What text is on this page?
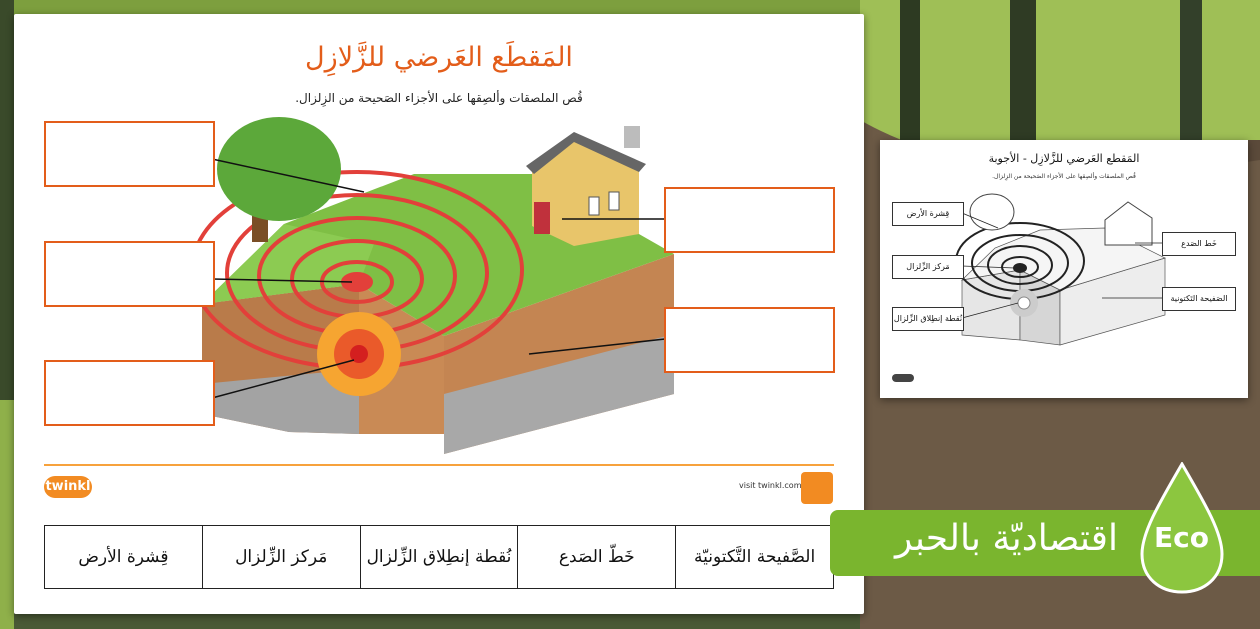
المَقطَع العَرضي للزَّلازِل
قُص الملصقات وألصِقها على الأجزاء الصَحيحة من الزِلزال.
twinkl	visit twinkl.com
قِشرة الأرض	مَركز الزِّلزال	نُقطة إنطِلاق الزِّلزال	خَطّ الصَدع	الصَّفيحة التَّكتونيّة
المَقطع العَرضي للزَّلازِل - الأجوبة
قُص الملصقات وألصِقها على الأجزاء الصَحيحة من الزِلزال.
قِشرة الأرض
مَركز الزِّلزال
نُقطة إنطِلاق الزِّلزال
خَط الصَدع
الصَفيحة التَكتونية
اقتصاديّة بالحبر Eco
